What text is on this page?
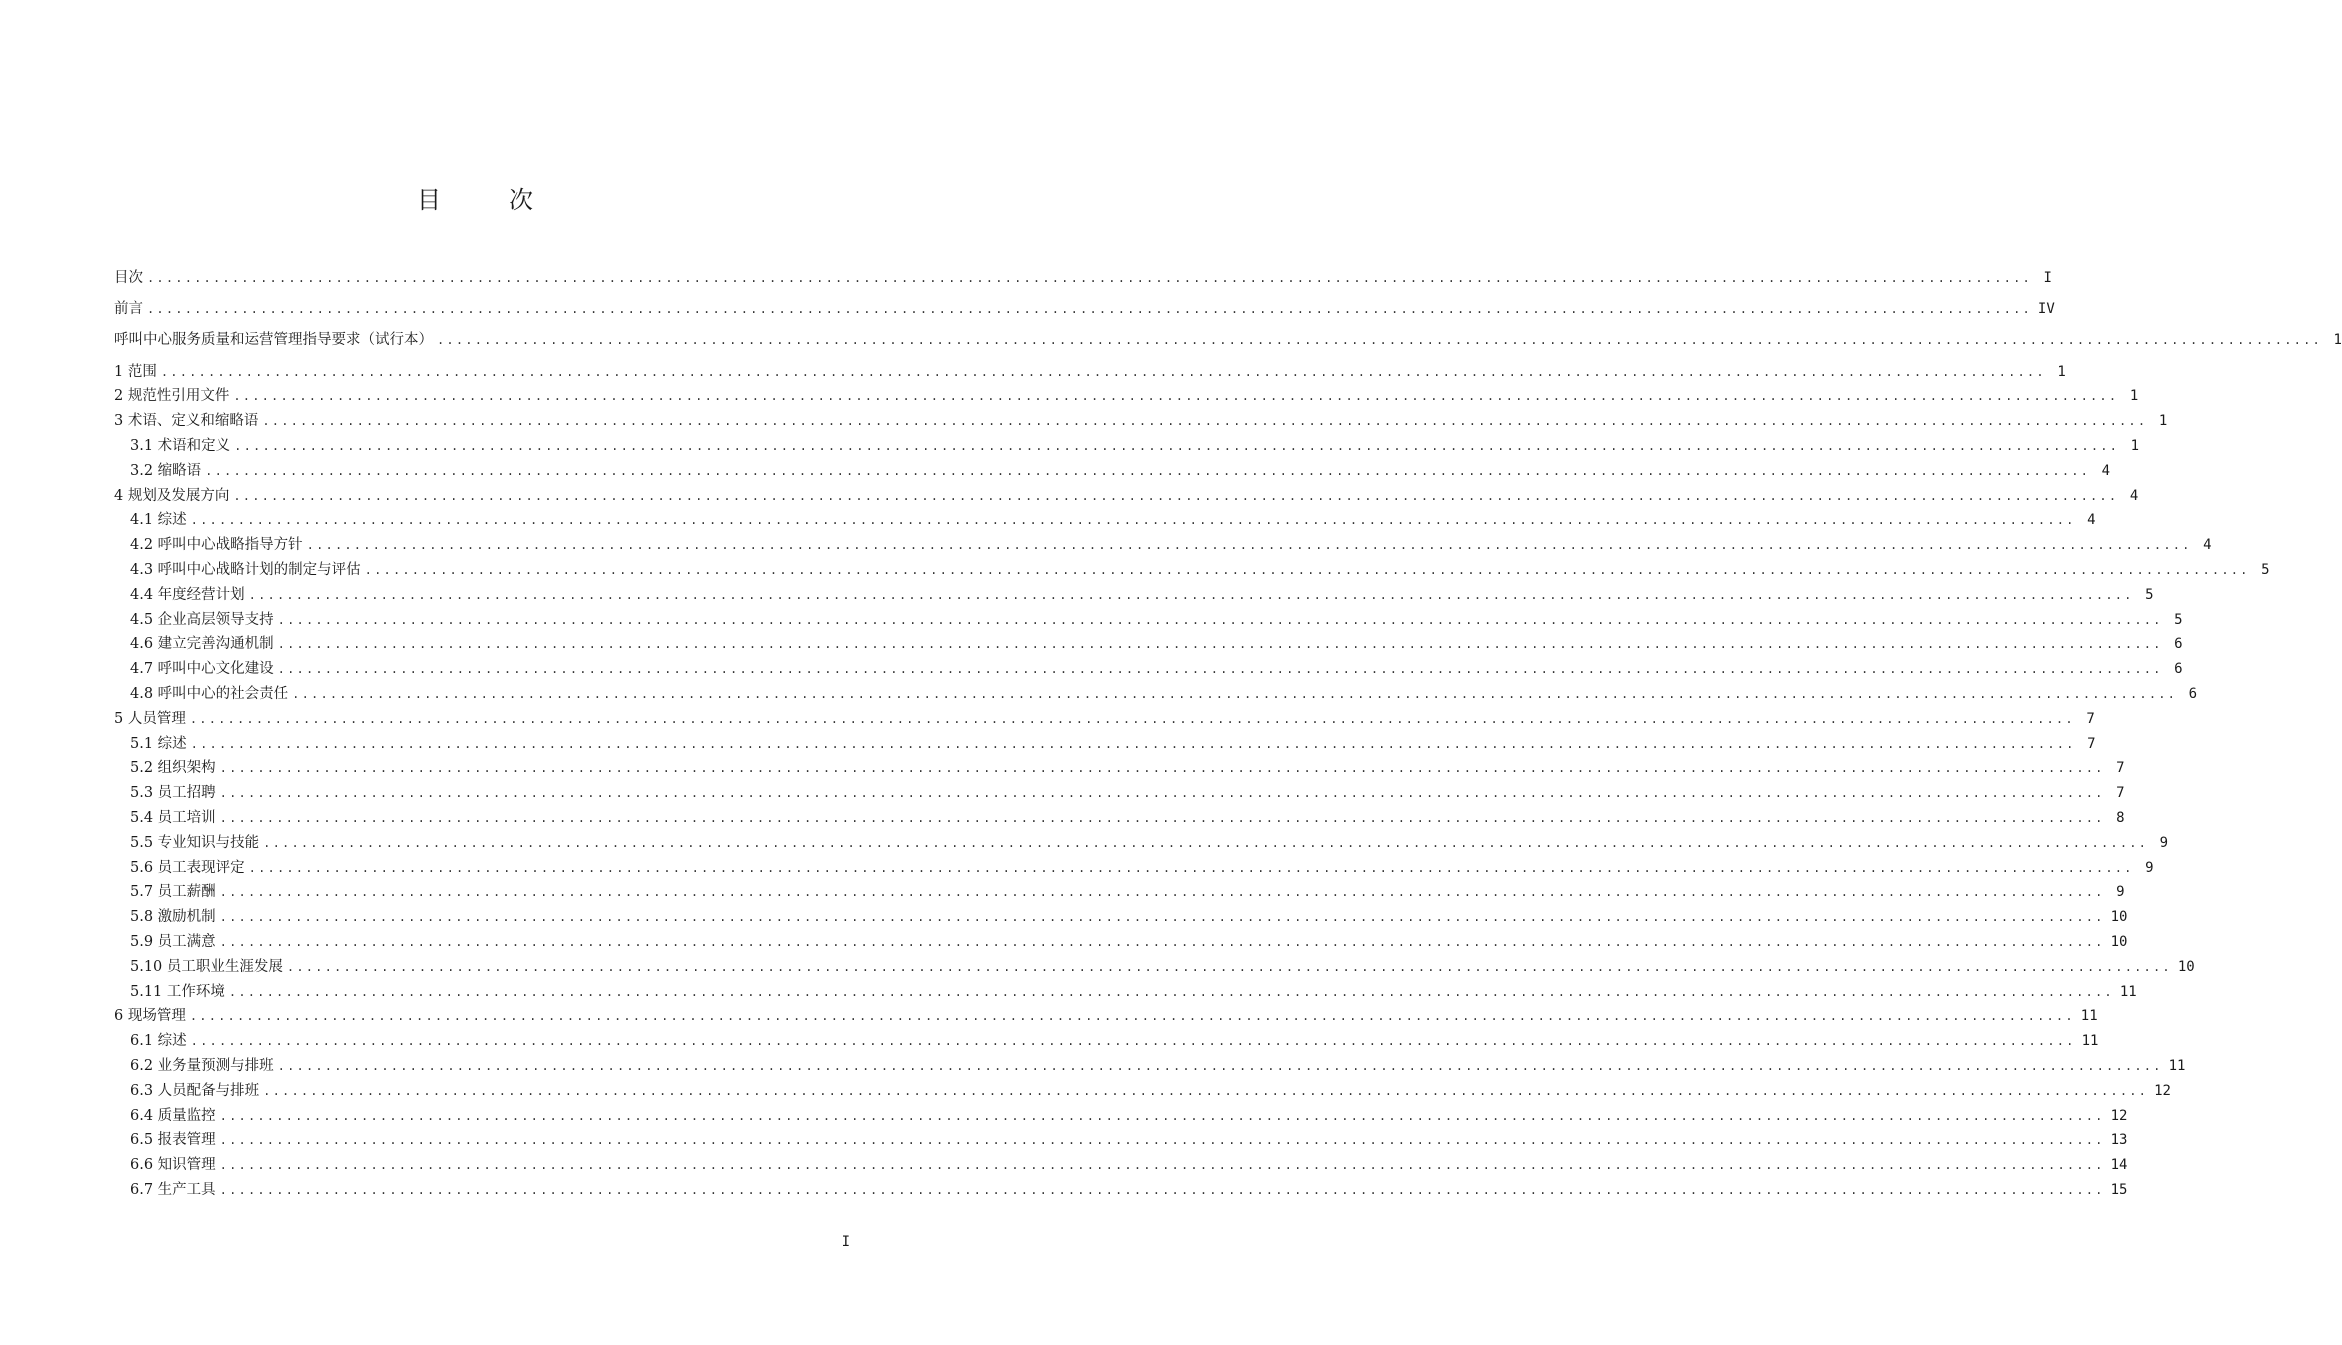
目　次
目次 ........................................................................................................................................................................................................ I
前言 ........................................................................................................................................................................................................ IV
呼叫中心服务质量和运营管理指导要求（试行本） ........................................................................................................................................................................................................ 1
1 范围 ........................................................................................................................................................................................................ 1
2 规范性引用文件 ........................................................................................................................................................................................................ 1
3 术语、定义和缩略语 ........................................................................................................................................................................................................ 1
3.1 术语和定义 ........................................................................................................................................................................................................ 1
3.2 缩略语 ........................................................................................................................................................................................................ 4
4 规划及发展方向 ........................................................................................................................................................................................................ 4
4.1 综述 ........................................................................................................................................................................................................ 4
4.2 呼叫中心战略指导方针 ........................................................................................................................................................................................................ 4
4.3 呼叫中心战略计划的制定与评估 ........................................................................................................................................................................................................ 5
4.4 年度经营计划 ........................................................................................................................................................................................................ 5
4.5 企业高层领导支持 ........................................................................................................................................................................................................ 5
4.6 建立完善沟通机制 ........................................................................................................................................................................................................ 6
4.7 呼叫中心文化建设 ........................................................................................................................................................................................................ 6
4.8 呼叫中心的社会责任 ........................................................................................................................................................................................................ 6
5 人员管理 ........................................................................................................................................................................................................ 7
5.1 综述 ........................................................................................................................................................................................................ 7
5.2 组织架构 ........................................................................................................................................................................................................ 7
5.3 员工招聘 ........................................................................................................................................................................................................ 7
5.4 员工培训 ........................................................................................................................................................................................................ 8
5.5 专业知识与技能 ........................................................................................................................................................................................................ 9
5.6 员工表现评定 ........................................................................................................................................................................................................ 9
5.7 员工薪酬 ........................................................................................................................................................................................................ 9
5.8 激励机制 ........................................................................................................................................................................................................ 10
5.9 员工满意 ........................................................................................................................................................................................................ 10
5.10 员工职业生涯发展 ........................................................................................................................................................................................................ 10
5.11 工作环境 ........................................................................................................................................................................................................ 11
6 现场管理 ........................................................................................................................................................................................................ 11
6.1 综述 ........................................................................................................................................................................................................ 11
6.2 业务量预测与排班 ........................................................................................................................................................................................................ 11
6.3 人员配备与排班 ........................................................................................................................................................................................................ 12
6.4 质量监控 ........................................................................................................................................................................................................ 12
6.5 报表管理 ........................................................................................................................................................................................................ 13
6.6 知识管理 ........................................................................................................................................................................................................ 14
6.7 生产工具 ........................................................................................................................................................................................................ 15
I
